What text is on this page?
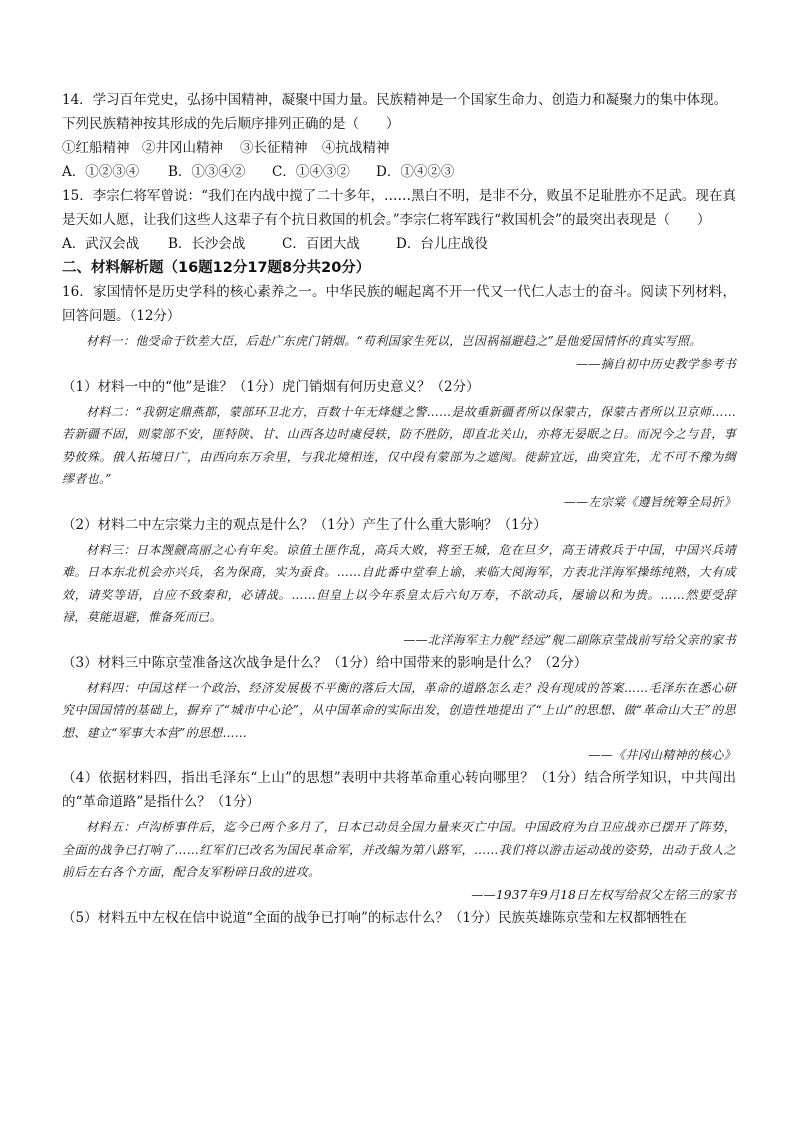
14．学习百年党史，弘扬中国精神，凝聚中国力量。民族精神是一个国家生命力、创造力和凝聚力的集中体现。

下列民族精神按其形成的先后顺序排列正确的是（　　）

①红船精神 ②井冈山精神 ③长征精神 ④抗战精神

A．①②③④ B．①③④② C．①④③② D．①④②③

15．李宗仁将军曾说：“我们在内战中搅了二十多年，……黑白不明，是非不分，败虽不足耻胜亦不足武。现在真是天如人愿，让我们这些人这辈子有个抗日救国的机会。”李宗仁将军践行“救国机会”的最突出表现是（　　）

A．武汉会战 B．长沙会战	C．百团大战	D．台儿庄战役

二、材料解析题（16题12分17题8分共20分）

16．家国情怀是历史学科的核心素养之一。中华民族的崛起离不开一代又一代仁人志士的奋斗。阅读下列材料，回答问题。（12分）

材料一：他受命于钦差大臣，后赴广东虎门销烟。“苟利国家生死以，岂因祸福避趋之”是他爱国情怀的真实写照。

——摘自初中历史教学参考书

（1）材料一中的“他”是谁？（1分）虎门销烟有何历史意义？（2分）

材料二：“我朝定鼎燕都，蒙部环卫北方，百数十年无烽燧之警……是故重新疆者所以保蒙古，保蒙古者所以卫京师……若新疆不固，则蒙部不安，匪特陕、甘、山西各边时虞侵轶，防不胜防，即直北关山，亦将无晏眠之日。而况今之与昔，事势攸殊。俄人拓境日广，由西向东万余里，与我北境相连，仅中段有蒙部为之遮阂。徙薪宜远，曲突宜先，尤不可不豫为绸缪者也。”

——左宗棠《遵旨统筹全局折》

（2）材料二中左宗棠力主的观点是什么？（1分）产生了什么重大影响？（1分）

材料三：日本觊觎高丽之心有年矣。谅值土匪作乱，高兵大败，将至王城，危在旦夕，高王请救兵于中国，中国兴兵靖难。日本东北机会亦兴兵，名为保商，实为蚕食。……自此番中堂奉上谕，来临大阅海军，方表北洋海军操练纯熟，大有成效，请奖等语，自应不致秦和，必请战。……但皇上以今年系皇太后六旬万寿，不欲动兵，屡谕以和为贵。……然要受辞禄，莫能退避，惟备死而已。

——北洋海军主力舰“经远”舰二副陈京莹战前写给父亲的家书

（3）材料三中陈京莹准备这次战争是什么？（1分）给中国带来的影响是什么？（2分）

材料四：中国这样一个政治、经济发展极不平衡的落后大国，革命的道路怎么走？没有现成的答案……毛泽东在悉心研究中国国情的基础上，摒弃了“城市中心论”，从中国革命的实际出发，创造性地提出了“上山”的思想、做“革命山大王”的思想、建立“军事大本营”的思想……

——《井冈山精神的核心》

（4）依据材料四，指出毛泽东“上山”的思想”表明中共将革命重心转向哪里？（1分）结合所学知识，中共闯出的“革命道路”是指什么？（1分）

材料五：卢沟桥事件后，迄今已两个多月了，日本已动员全国力量来灭亡中国。中国政府为自卫应战亦已摆开了阵势，全面的战争已打响了……红军们已改名为国民革命军，并改编为第八路军，……我们将以游击运动战的姿势，出动于敌人之前后左右各个方面，配合友军粉碎日敌的进攻。

——1937年9月18日左权写给叔父左铭三的家书

（5）材料五中左权在信中说道“全面的战争已打响”的标志什么？（1分）民族英雄陈京莹和左权都牺牲在
